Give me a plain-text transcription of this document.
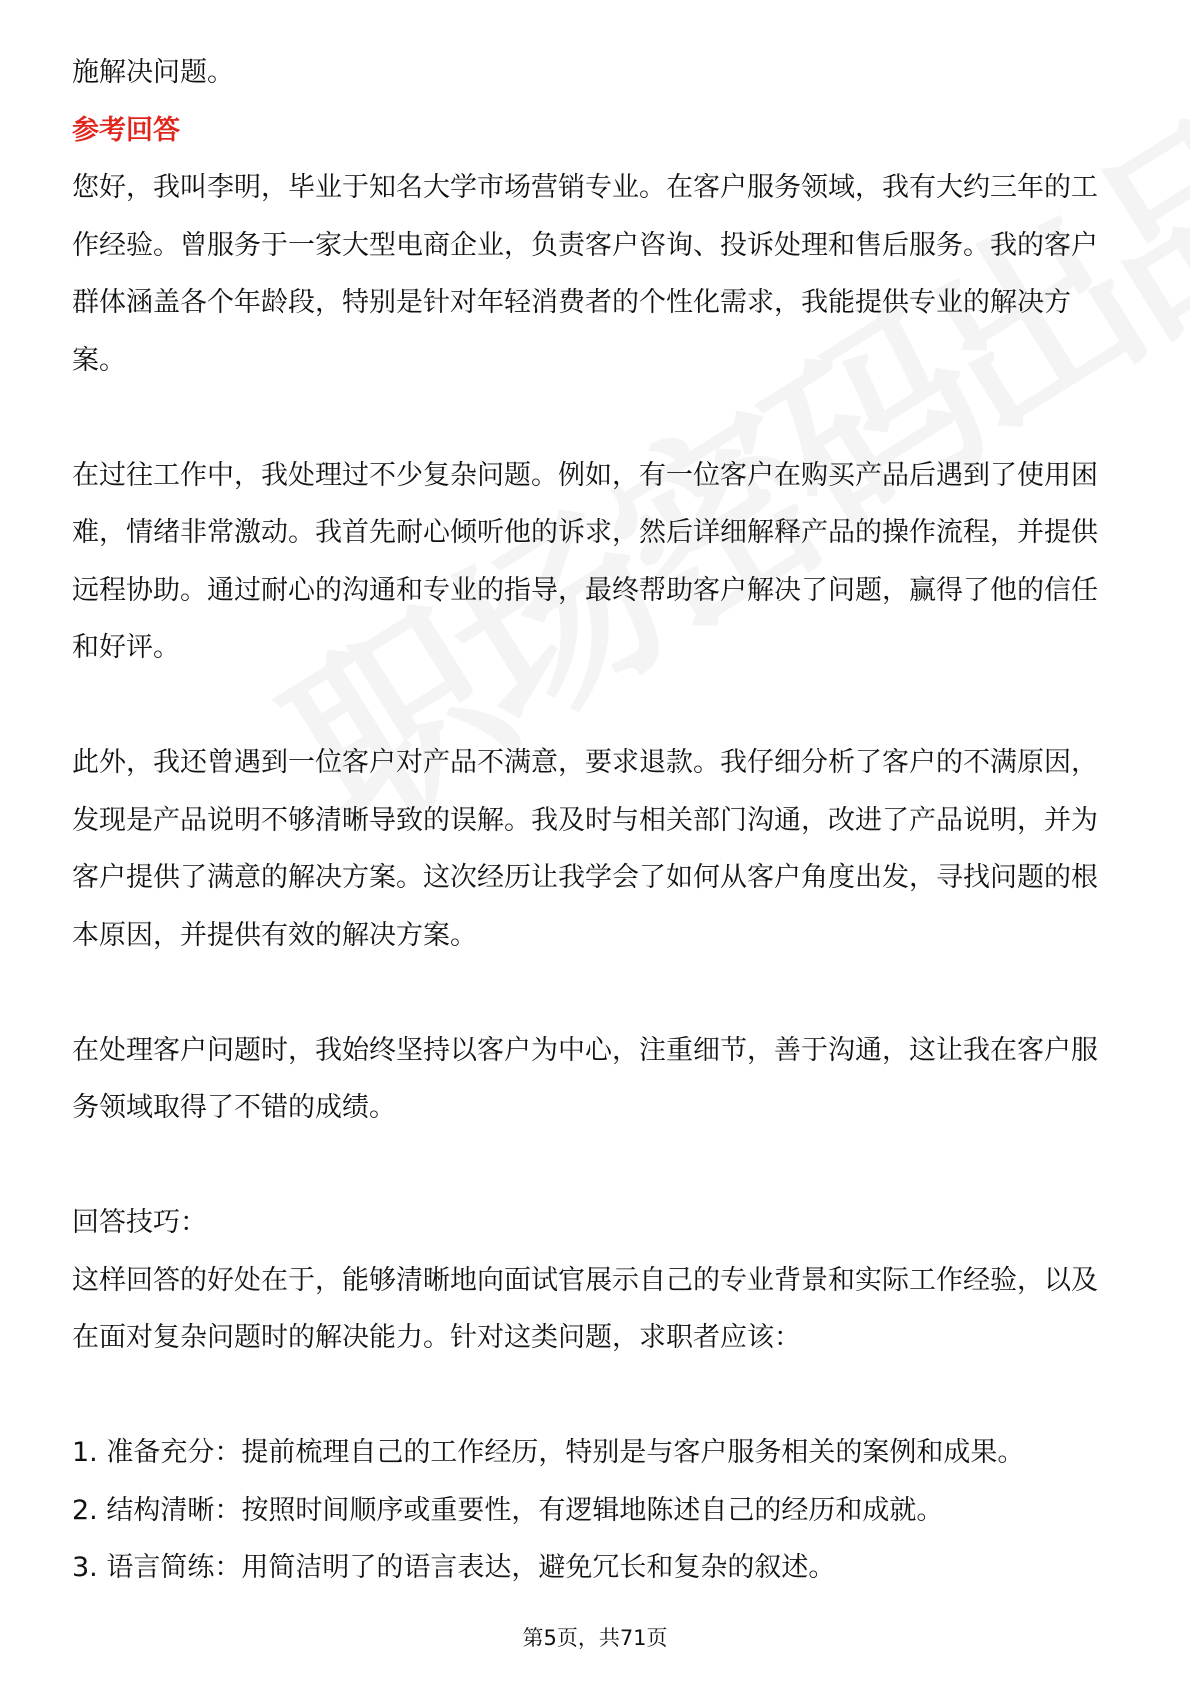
施解决问题。

参考回答

您好，我叫李明，毕业于知名大学市场营销专业。在客户服务领域，我有大约三年的工作经验。曾服务于一家大型电商企业，负责客户咨询、投诉处理和售后服务。我的客户群体涵盖各个年龄段，特别是针对年轻消费者的个性化需求，我能提供专业的解决方案。

在过往工作中，我处理过不少复杂问题。例如，有一位客户在购买产品后遇到了使用困难，情绪非常激动。我首先耐心倾听他的诉求，然后详细解释产品的操作流程，并提供远程协助。通过耐心的沟通和专业的指导，最终帮助客户解决了问题，赢得了他的信任和好评。

此外，我还曾遇到一位客户对产品不满意，要求退款。我仔细分析了客户的不满原因，发现是产品说明不够清晰导致的误解。我及时与相关部门沟通，改进了产品说明，并为客户提供了满意的解决方案。这次经历让我学会了如何从客户角度出发，寻找问题的根本原因，并提供有效的解决方案。

在处理客户问题时，我始终坚持以客户为中心，注重细节，善于沟通，这让我在客户服务领域取得了不错的成绩。

回答技巧：

这样回答的好处在于，能够清晰地向面试官展示自己的专业背景和实际工作经验，以及在面对复杂问题时的解决能力。针对这类问题，求职者应该：

1. 准备充分：提前梳理自己的工作经历，特别是与客户服务相关的案例和成果。

2. 结构清晰：按照时间顺序或重要性，有逻辑地陈述自己的经历和成就。

3. 语言简练：用简洁明了的语言表达，避免冗长和复杂的叙述。

第5页，共71页
